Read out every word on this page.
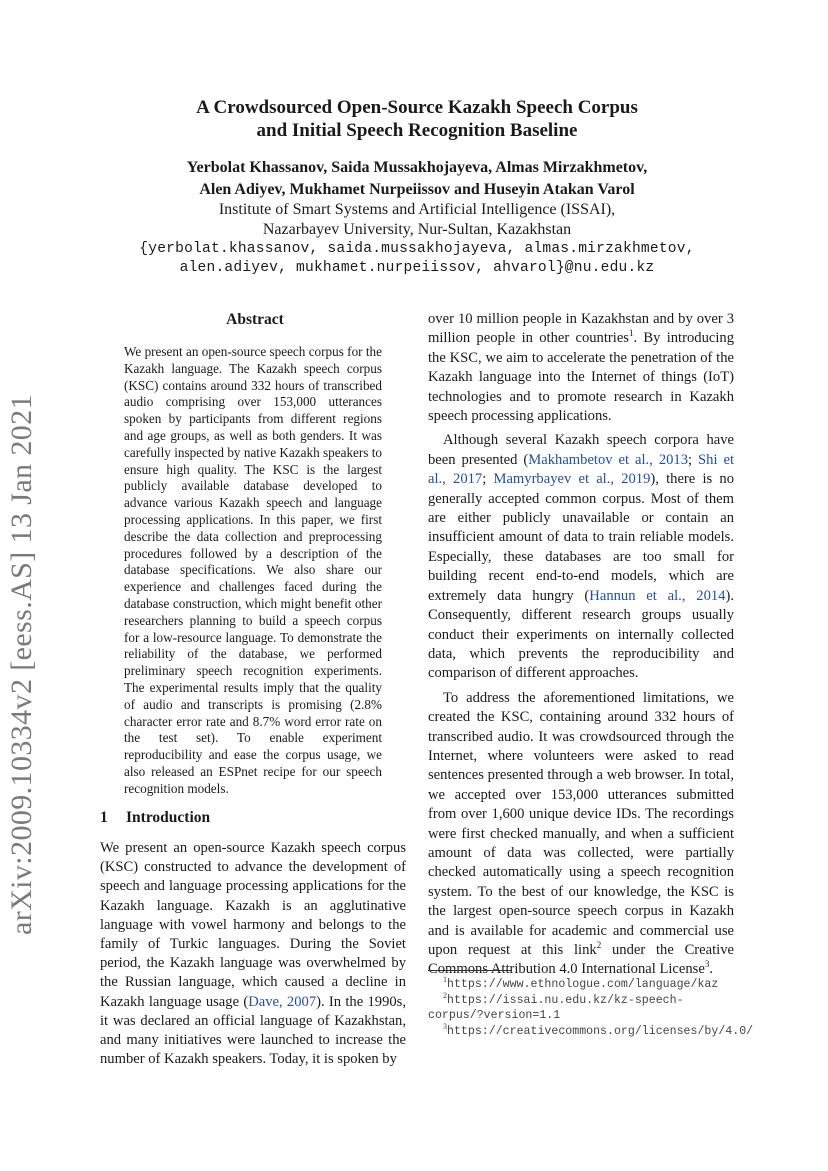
arXiv:2009.10334v2 [eess.AS] 13 Jan 2021
A Crowdsourced Open-Source Kazakh Speech Corpus
and Initial Speech Recognition Baseline
Yerbolat Khassanov, Saida Mussakhojayeva, Almas Mirzakhmetov,
Alen Adiyev, Mukhamet Nurpeiissov and Huseyin Atakan Varol
Institute of Smart Systems and Artificial Intelligence (ISSAI),
Nazarbayev University, Nur-Sultan, Kazakhstan
{yerbolat.khassanov, saida.mussakhojayeva, almas.mirzakhmetov,
alen.adiyev, mukhamet.nurpeiissov, ahvarol}@nu.edu.kz
Abstract

We present an open-source speech corpus for the Kazakh language. The Kazakh speech corpus (KSC) contains around 332 hours of transcribed audio comprising over 153,000 utterances spoken by participants from different regions and age groups, as well as both genders. It was carefully inspected by native Kazakh speakers to ensure high quality. The KSC is the largest publicly available database developed to advance various Kazakh speech and language processing applications. In this paper, we first describe the data collection and preprocessing procedures followed by a description of the database specifications. We also share our experience and challenges faced during the database construction, which might benefit other researchers planning to build a speech corpus for a low-resource language. To demonstrate the reliability of the database, we performed preliminary speech recognition experiments. The experimental results imply that the quality of audio and transcripts is promising (2.8% character error rate and 8.7% word error rate on the test set). To enable experiment reproducibility and ease the corpus usage, we also released an ESPnet recipe for our speech recognition models.

1 Introduction

We present an open-source Kazakh speech corpus (KSC) constructed to advance the development of speech and language processing applications for the Kazakh language. Kazakh is an agglutinative language with vowel harmony and belongs to the family of Turkic languages. During the Soviet period, the Kazakh language was overwhelmed by the Russian language, which caused a decline in Kazakh language usage (Dave, 2007). In the 1990s, it was declared an official language of Kazakhstan, and many initiatives were launched to increase the number of Kazakh speakers. Today, it is spoken by

over 10 million people in Kazakhstan and by over 3 million people in other countries$^1$. By introducing the KSC, we aim to accelerate the penetration of the Kazakh language into the Internet of things (IoT) technologies and to promote research in Kazakh speech processing applications.

Although several Kazakh speech corpora have been presented (Makhambetov et al., 2013; Shi et al., 2017; Mamyrbayev et al., 2019), there is no generally accepted common corpus. Most of them are either publicly unavailable or contain an insufficient amount of data to train reliable models. Especially, these databases are too small for building recent end-to-end models, which are extremely data hungry (Hannun et al., 2014). Consequently, different research groups usually conduct their experiments on internally collected data, which prevents the reproducibility and comparison of different approaches.

To address the aforementioned limitations, we created the KSC, containing around 332 hours of transcribed audio. It was crowdsourced through the Internet, where volunteers were asked to read sentences presented through a web browser. In total, we accepted over 153,000 utterances submitted from over 1,600 unique device IDs. The recordings were first checked manually, and when a sufficient amount of data was collected, were partially checked automatically using a speech recognition system. To the best of our knowledge, the KSC is the largest open-source speech corpus in Kazakh and is available for academic and commercial use upon request at this link$^2$ under the Creative Commons Attribution 4.0 International License$^3$.

$^1$https://www.ethnologue.com/language/kaz
$^2$https://issai.nu.edu.kz/kz-speech-corpus/?version=1.1
$^3$https://creativecommons.org/licenses/by/4.0/
